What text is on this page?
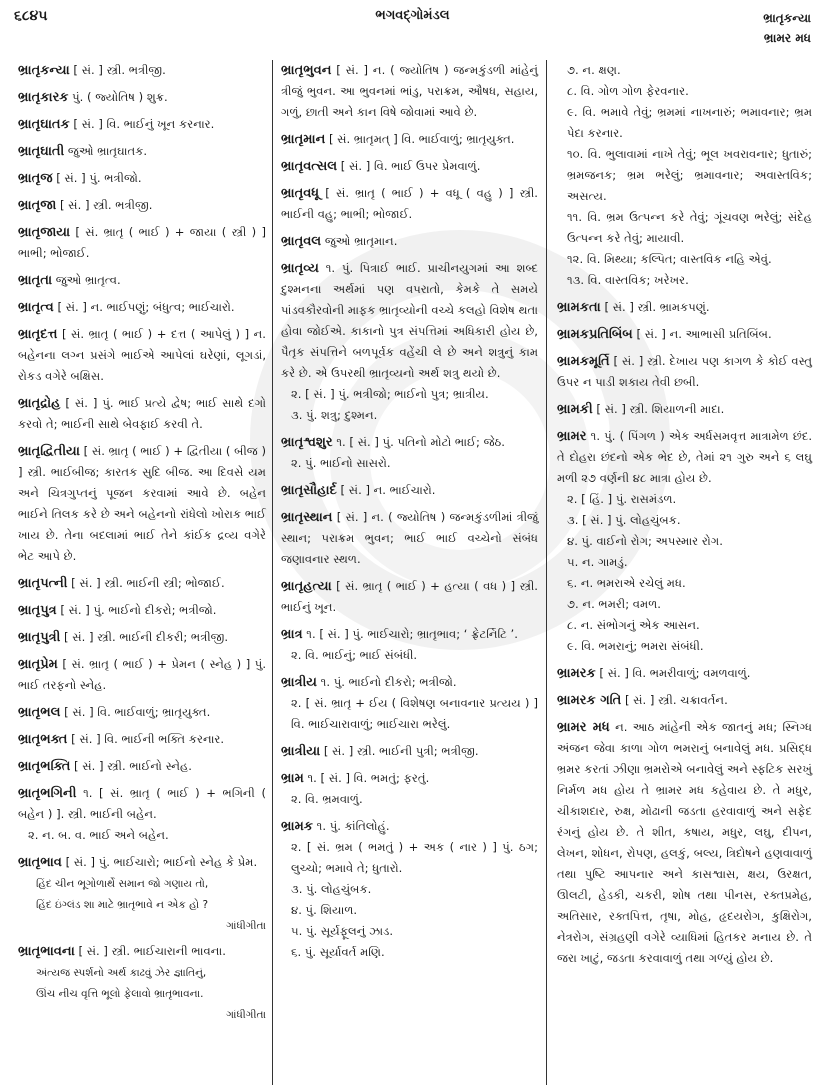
૬૮૪૫	ભગવદ્ગોમંડલ	ભ્રાતૃકન્યા
ભ્રામર મધ
ભ્રાતૃકન્યા [ સં. ] સ્ત્રી. ભત્રીજી.
ભ્રાતૃકારક પું. ( જ્યોતિષ ) શુક્ર.
ભ્રાતૃઘાતક [ સં. ] વિ. ભાઈનું ખૂન કરનાર.
ભ્રાતૃઘાતી જુઓ ભ્રાતૃઘાતક.
ભ્રાતૃજ [ સં. ] પું. ભત્રીજો.
ભ્રાતૃજા [ સં. ] સ્ત્રી. ભત્રીજી.
ભ્રાતૃજાયા [ સં. ભ્રાતૃ ( ભાઈ ) + જાયા ( સ્ત્રી ) ] ભાભી; ભોજાઈ.
ભ્રાતૃતા જુઓ ભ્રાતૃત્વ.
ભ્રાતૃત્વ [ સં. ] ન. ભાઈપણું; બંધુત્વ; ભાઈચારો.
ભ્રાતૃદત્ત [ સં. ભ્રાતૃ ( ભાઈ ) + દત્ત ( આપેલું ) ] ન. બહેનના લગ્ન પ્રસંગે ભાઈએ આપેલાં ઘરેણાં, લૂગડાં, રોકડ વગેરે બક્ષિસ.
ભ્રાતૃદ્રોહ [ સં. ] પું. ભાઈ પ્રત્યે દ્વેષ; ભાઈ સાથે દગો કરવો તે; ભાઈની સાથે બેવફાઈ કરવી તે.
ભ્રાતૃદ્વિતીયા [ સં. ભ્રાતૃ ( ભાઈ ) + દ્વિતીયા ( બીજ ) ] સ્ત્રી. ભાઈબીજ; કારતક સુદિ બીજ. આ દિવસે યમ અને ચિત્રગુપ્તનું પૂજન કરવામાં આવે છે. બહેન ભાઈને તિલક કરે છે અને બહેનનો રાંધેલો ખોરાક ભાઈ ખાય છે. તેના બદલામાં ભાઈ તેને કાંઈક દ્રવ્ય વગેરે ભેટ આપે છે.
ભ્રાતૃપત્ની [ સં. ] સ્ત્રી. ભાઈની સ્ત્રી; ભોજાઈ.
ભ્રાતૃપુત્ર [ સં. ] પું. ભાઈનો દીકરો; ભત્રીજો.
ભ્રાતૃપુત્રી [ સં. ] સ્ત્રી. ભાઈની દીકરી; ભત્રીજી.
ભ્રાતૃપ્રેમ [ સં. ભ્રાતૃ ( ભાઈ ) + પ્રેમન ( સ્નેહ ) ] પું. ભાઈ તરફનો સ્નેહ.
ભ્રાતૃભલ [ સં. ] વિ. ભાઈવાળું; ભ્રાતૃયુક્ત.
ભ્રાતૃભક્ત [ સં. ] વિ. ભાઈની ભક્તિ કરનાર.
ભ્રાતૃભક્તિ [ સં. ] સ્ત્રી. ભાઈનો સ્નેહ.
ભ્રાતૃભગિની ૧. [ સં. ભ્રાતૃ ( ભાઈ ) + ભગિની ( બહેન ) ]. સ્ત્રી. ભાઈની બહેન.
૨. ન. બ. વ. ભાઈ અને બહેન.
ભ્રાતૃભાવ [ સં. ] પું. ભાઈચારો; ભાઈનો સ્નેહ કે પ્રેમ.
હિંદ ચીન ભૂગોળાર્થે સમાન જો ગણાય તો,
હિંદ ઇંગ્લંડ શા માટે ભ્રાતૃભાવે ન એક હો ?
ગાંધીગીતા
ભ્રાતૃભાવના [ સં. ] સ્ત્રી. ભાઈચારાની ભાવના.
અંત્યજ સ્પર્શનો અર્થ કાઢવું ઝેર જ્ઞાતિનું,
ઊંચ નીચ વૃત્તિ ભૂલો ફેલાવો ભ્રાતૃભાવના.
ગાંધીગીતા
ભ્રાતૃભુવન [ સં. ] ન. ( જ્યોતિષ ) જન્મકુંડળી માંહેનું ત્રીજું ભુવન. આ ભુવનમાં ભાંડુ, પરાક્રમ, ઔષધ, સહાય, ગળું, છાતી અને કાન વિષે જોવામાં આવે છે.
ભ્રાતૃમાન [ સં. ભ્રાતૃમત્ ] વિ. ભાઈવાળું; ભ્રાતૃયુક્ત.
ભ્રાતૃવત્સલ [ સં. ] વિ. ભાઈ ઉપર પ્રેમવાળું.
ભ્રાતૃવધૂ [ સં. ભ્રાતૃ ( ભાઈ ) + વધૂ ( વહુ ) ] સ્ત્રી. ભાઈની વહુ; ભાભી; ભોજાઈ.
ભ્રાતૃવલ જુઓ ભ્રાતૃમાન.
ભ્રાતૃવ્ય ૧. પું. પિત્રાઈ ભાઈ. પ્રાચીનયુગમાં આ શબ્દ દુશ્મનના અર્થમાં પણ વપરાતો, કેમકે તે સમયે પાંડવકૌરવોની માફક ભ્રાતૃવ્યોની વચ્ચે કલહો વિશેષ થતા હોવા જોઈએ. કાકાનો પુત્ર સંપત્તિમાં અધિકારી હોય છે, પૈતૃક સંપત્તિને બળપૂર્વક વહેંચી લે છે અને શત્રુનું કામ કરે છે. એ ઉપરથી ભ્રાતૃવ્યનો અર્થ શત્રુ થયો છે.
૨. [ સં. ] પું. ભત્રીજો; ભાઈનો પુત્ર; ભ્રાત્રીય.
૩. પું. શત્રુ; દુશ્મન.
ભ્રાતૃશ્વશુર ૧. [ સં. ] પું. પતિનો મોટો ભાઈ; જેઠ.
૨. પું. ભાઈનો સાસરો.
ભ્રાતૃસૌહાર્દ [ સં. ] ન. ભાઈચારો.
ભ્રાતૃસ્થાન [ સં. ] ન. ( જ્યોતિષ ) જન્મકુંડળીમાં ત્રીજું સ્થાન; પરાક્રમ ભુવન; ભાઈ ભાઈ વચ્ચેનો સંબંધ જણાવનાર સ્થળ.
ભ્રાતૃહત્યા [ સં. ભ્રાતૃ ( ભાઈ ) + હત્યા ( વધ ) ] સ્ત્રી. ભાઈનું ખૂન.
ભ્રાત્ર ૧. [ સં. ] પું. ભાઈચારો; ભ્રાતૃભાવ; ‘ ફ્રેટર્નિટિ ’.
૨. વિ. ભાઈનું; ભાઈ સંબંધી.
ભ્રાત્રીય ૧. પું. ભાઈનો દીકરો; ભત્રીજો.
૨. [ સં. ભ્રાતૃ + ઈય ( વિશેષણ બનાવનાર પ્રત્યય ) ] વિ. ભાઈચારાવાળું; ભાઈચારા ભરેલું.
ભ્રાત્રીયા [ સં. ] સ્ત્રી. ભાઈની પુત્રી; ભત્રીજી.
ભ્રામ ૧. [ સં. ] વિ. ભમતું; ફરતું.
૨. વિ. ભ્રમવાળું.
ભ્રામક ૧. પું. કાંતિલોહું.
૨. [ સં. ભ્રમ ( ભમતું ) + અક ( નાર ) ] પું. ઠગ; લુચ્ચો; ભમાવે તે; ધુતારો.
૩. પું. લોહચુંબક.
૪. પું. શિયાળ.
૫. પું. સૂર્યફૂલનું ઝાડ.
૬. પું. સૂર્યાવર્ત મણિ.
૭. ન. ક્ષણ.
૮. વિ. ગોળ ગોળ ફેરવનાર.
૯. વિ. ભમાવે તેવું; ભ્રમમાં નાખનારું; ભમાવનાર; ભ્રમ પેદા કરનાર.
૧૦. વિ. ભુલાવામાં નાખે તેવું; ભૂલ ખવરાવનાર; ધુતારું; ભ્રમજનક; ભ્રમ ભરેલું; ભ્રમાવનાર; અવાસ્તવિક; અસત્ય.
૧૧. વિ. ભ્રમ ઉત્પન્ન કરે તેવું; ગૂંચવણ ભરેલું; સંદેહ ઉત્પન્ન કરે તેવું; માયાવી.
૧૨. વિ. મિથ્યા; કલ્પિત; વાસ્તવિક નહિ એવું.
૧૩. વિ. વાસ્તવિક; ખરેખર.
ભ્રામકતા [ સં. ] સ્ત્રી. ભ્રામકપણું.
ભ્રામકપ્રતિબિંબ [ સં. ] ન. આભાસી પ્રતિબિંબ.
ભ્રામકમૂર્તિ [ સં. ] સ્ત્રી. દેખાય પણ કાગળ કે કોઈ વસ્તુ ઉપર ન પાડી શકાય તેવી છબી.
ભ્રામકી [ સં. ] સ્ત્રી. શિયાળની માદા.
ભ્રામર ૧. પું. ( પિંગળ ) એક અર્ધસમવૃત્ત માત્રામેળ છંદ. તે દોહરા છંદનો એક ભેદ છે, તેમાં ૨૧ ગુરુ અને ૬ લઘુ મળી ૨૭ વર્ણની ૪૮ માત્રા હોય છે.
૨. [ હિં. ] પું. રાસમંડળ.
૩. [ સં. ] પું. લોહચુંબક.
૪. પું. વાઈનો રોગ; અપસ્માર રોગ.
૫. ન. ગામડું.
૬. ન. ભમરાએ રચેલું મધ.
૭. ન. ભમરી; વમળ.
૮. ન. સંભોગનું એક આસન.
૯. વિ. ભમરાનું; ભમરા સંબંધી.
ભ્રામરક [ સં. ] વિ. ભમરીવાળું; વમળવાળું.
ભ્રામરક ગતિ [ સં. ] સ્ત્રી. ચક્રાવર્તન.
ભ્રામર મધ ન. આઠ માંહેની એક જાતનું મધ; સ્નિગ્ધ અંજન જેવા કાળા ગોળ ભમરાનું બનાવેલું મધ. પ્રસિદ્ધ ભ્રમર કરતાં ઝીણા ભ્રમરોએ બનાવેલું અને સ્ફટિક સરખું નિર્મળ મધ હોય તે ભ્રામર મધ કહેવાય છે. તે મધુર, ચીકાશદાર, રુક્ષ, મોઢાની જડતા હરવાવાળું અને સફેદ રંગનું હોય છે. તે શીત, કષાય, મધુર, લઘુ, દીપન, લેખન, શોધન, રોપણ, હલકું, બલ્ય, ત્રિદોષને હણવાવાળું તથા પુષ્ટિ આપનાર અને કાસશ્વાસ, ક્ષય, ઉરક્ષત, ઊલટી, હેડકી, ચકરી, શોષ તથા પીનસ, રક્તપ્રમેહ, અતિસાર, રક્તપિત્ત, તૃષા, મોહ, હૃદયરોગ, કુક્ષિરોગ, નેત્રરોગ, સંગ્રહણી વગેરે વ્યાધિમાં હિતકર મનાય છે. તે જરા ખાટું, જડતા કરવાવાળું તથા ગળ્યું હોય છે.
